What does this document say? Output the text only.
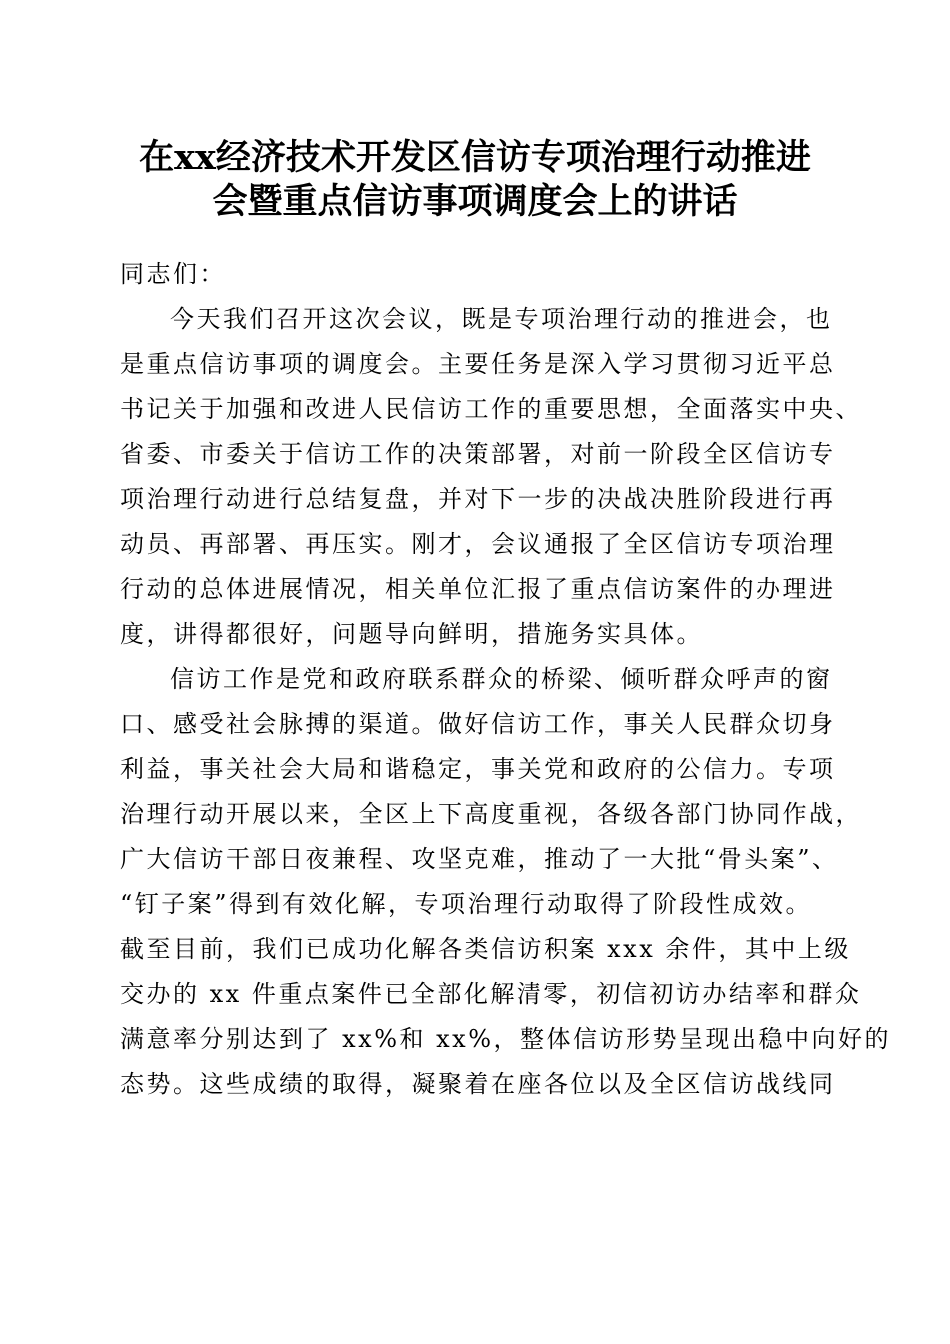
在xx经济技术开发区信访专项治理行动推进
会暨重点信访事项调度会上的讲话
同志们：
今天我们召开这次会议，既是专项治理行动的推进会，也
是重点信访事项的调度会。主要任务是深入学习贯彻习近平总
书记关于加强和改进人民信访工作的重要思想，全面落实中央、
省委、市委关于信访工作的决策部署，对前一阶段全区信访专
项治理行动进行总结复盘，并对下一步的决战决胜阶段进行再
动员、再部署、再压实。刚才，会议通报了全区信访专项治理
行动的总体进展情况，相关单位汇报了重点信访案件的办理进
度，讲得都很好，问题导向鲜明，措施务实具体。
信访工作是党和政府联系群众的桥梁、倾听群众呼声的窗
口、感受社会脉搏的渠道。做好信访工作，事关人民群众切身
利益，事关社会大局和谐稳定，事关党和政府的公信力。专项
治理行动开展以来，全区上下高度重视，各级各部门协同作战，
广大信访干部日夜兼程、攻坚克难，推动了一大批“骨头案”、
“钉子案”得到有效化解，专项治理行动取得了阶段性成效。
截至目前，我们已成功化解各类信访积案 xxx 余件，其中上级
交办的 xx 件重点案件已全部化解清零，初信初访办结率和群众
满意率分别达到了 xx%和 xx%，整体信访形势呈现出稳中向好的
态势。这些成绩的取得，凝聚着在座各位以及全区信访战线同
